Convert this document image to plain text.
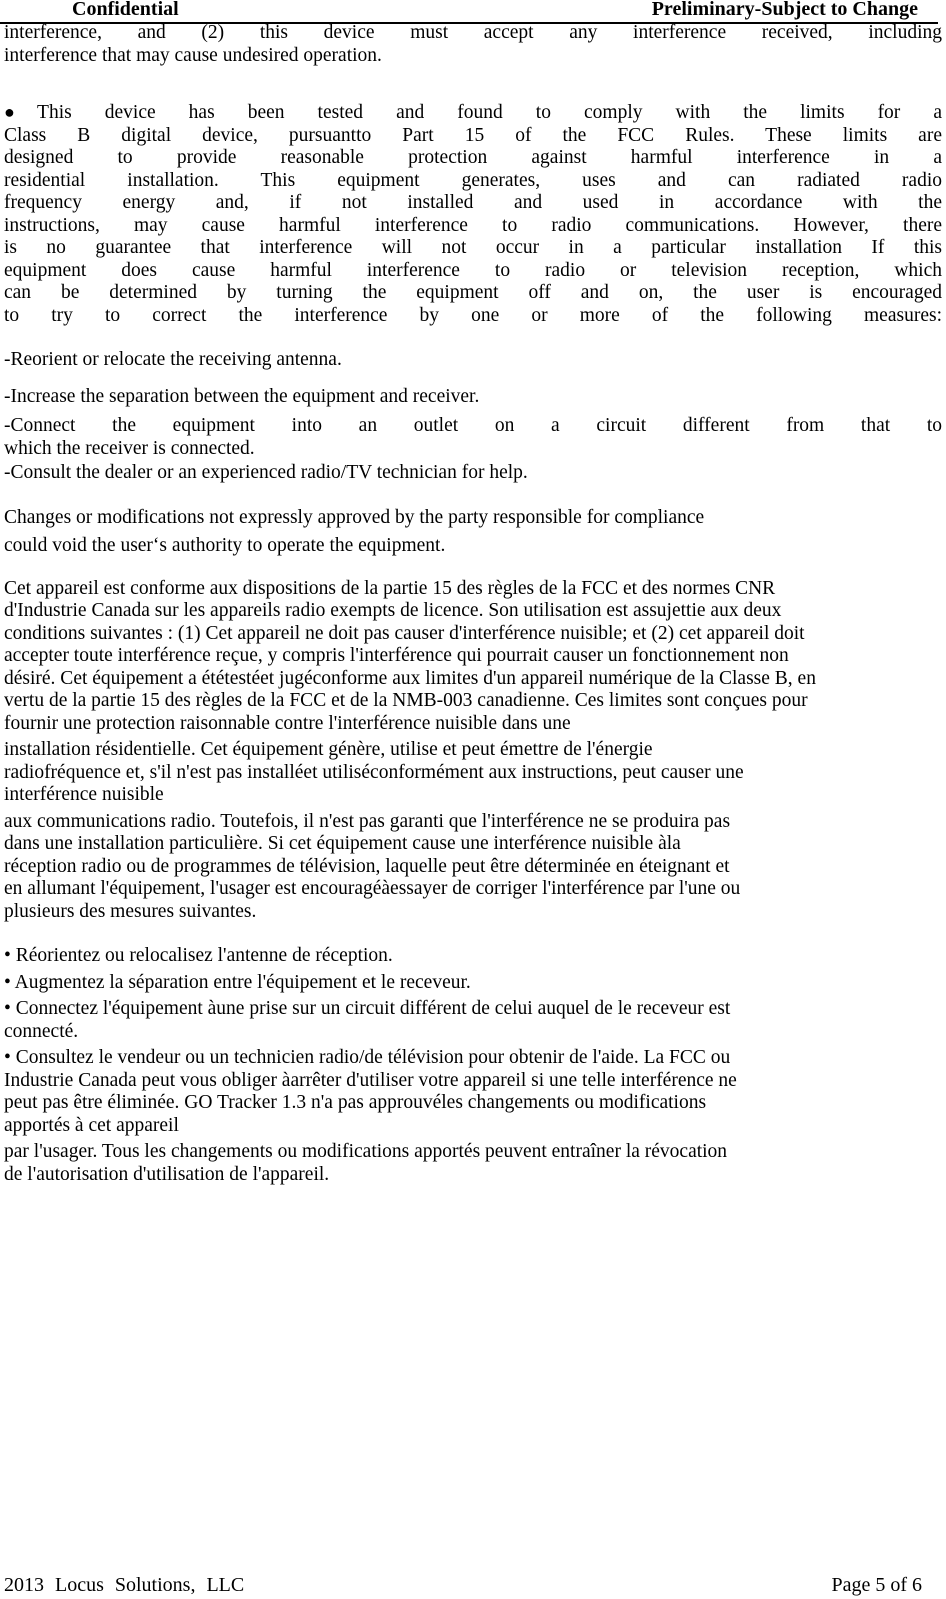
Confidential	Preliminary-Subject to Change

interference, and (2) this device must accept any interference received, including

interference that may cause undesired operation.

●This device has been tested and found to comply with the limits for a

Class B digital device, pursuantto Part 15 of the FCC Rules. These limits are

designed to provide reasonable protection against harmful interference in a

residential installation. This equipment generates, uses and can radiated radio

frequency energy and, if not installed and used in accordance with the

instructions, may cause harmful interference to radio communications. However, there

is no guarantee that interference will not occur in a particular installation If this

equipment does cause harmful interference to radio or television reception, which

can be determined by turning the equipment off and on, the user is encouraged

to try to correct the interference by one or more of the following measures:

-Reorient or relocate the receiving antenna.

-Increase the separation between the equipment and receiver.

-Connect the equipment into an outlet on a circuit different from that to

which the receiver is connected.

-Consult the dealer or an experienced radio/TV technician for help.

Changes or modifications not expressly approved by the party responsible for compliance

could void the user‘s authority to operate the equipment.

Cet appareil est conforme aux dispositions de la partie 15 des règles de la FCC et des normes CNR

d'Industrie Canada sur les appareils radio exempts de licence. Son utilisation est assujettie aux deux

conditions suivantes : (1) Cet appareil ne doit pas causer d'interférence nuisible; et (2) cet appareil doit

accepter toute interférence reçue, y compris l'interférence qui pourrait causer un fonctionnement non

désiré. Cet équipement a ététestéet jugéconforme aux limites d'un appareil numérique de la Classe B, en

vertu de la partie 15 des règles de la FCC et de la NMB-003 canadienne. Ces limites sont conçues pour

fournir une protection raisonnable contre l'interférence nuisible dans une

installation résidentielle. Cet équipement génère, utilise et peut émettre de l'énergie

radiofréquence et, s'il n'est pas installéet utiliséconformément aux instructions, peut causer une

interférence nuisible

aux communications radio. Toutefois, il n'est pas garanti que l'interférence ne se produira pas

dans une installation particulière. Si cet équipement cause une interférence nuisible àla

réception radio ou de programmes de télévision, laquelle peut être déterminée en éteignant et

en allumant l'équipement, l'usager est encouragéàessayer de corriger l'interférence par l'une ou

plusieurs des mesures suivantes.

• Réorientez ou relocalisez l'antenne de réception.

• Augmentez la séparation entre l'équipement et le receveur.

• Connectez l'équipement àune prise sur un circuit différent de celui auquel de le receveur est

connecté.

• Consultez le vendeur ou un technicien radio/de télévision pour obtenir de l'aide. La FCC ou

Industrie Canada peut vous obliger àarrêter d'utiliser votre appareil si une telle interférence ne

peut pas être éliminée. GO Tracker 1.3 n'a pas approuvéles changements ou modifications

apportés à cet appareil

par l'usager. Tous les changements ou modifications apportés peuvent entraîner la révocation

de l'autorisation d'utilisation de l'appareil.

2013 Locus Solutions, LLC	Page 5 of 6
